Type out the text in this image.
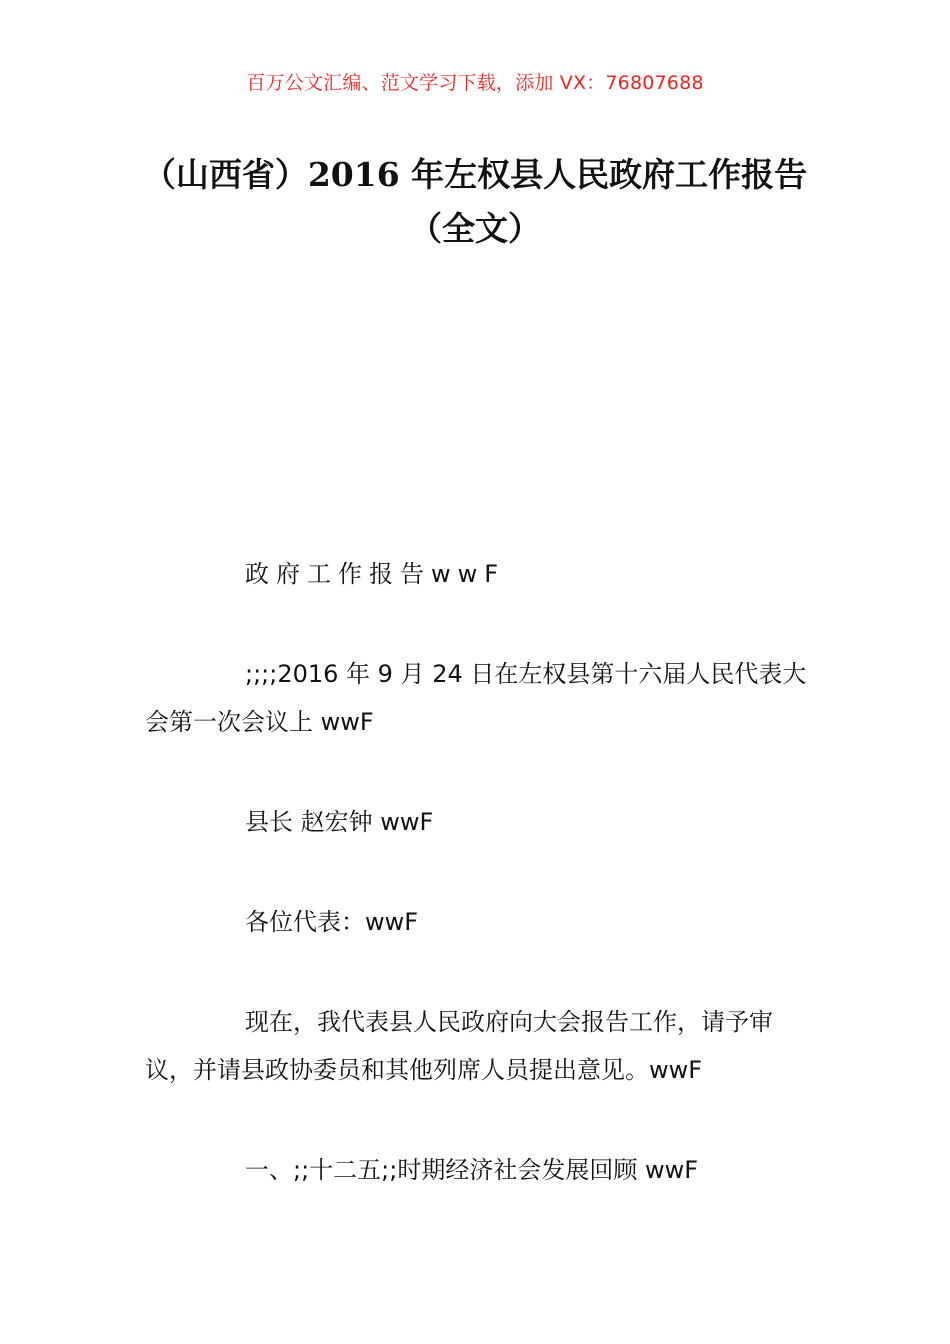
百万公文汇编、范文学习下载，添加 VX：76807688
（山西省）2016 年左权县人民政府工作报告（全文）
政府工作报告wwF
;;;;2016 年 9 月 24 日在左权县第十六届人民代表大会第一次会议上 wwF
县长 赵宏钟 wwF
各位代表：wwF
现在，我代表县人民政府向大会报告工作，请予审议，并请县政协委员和其他列席人员提出意见。wwF
一、;;十二五;;时期经济社会发展回顾 wwF
